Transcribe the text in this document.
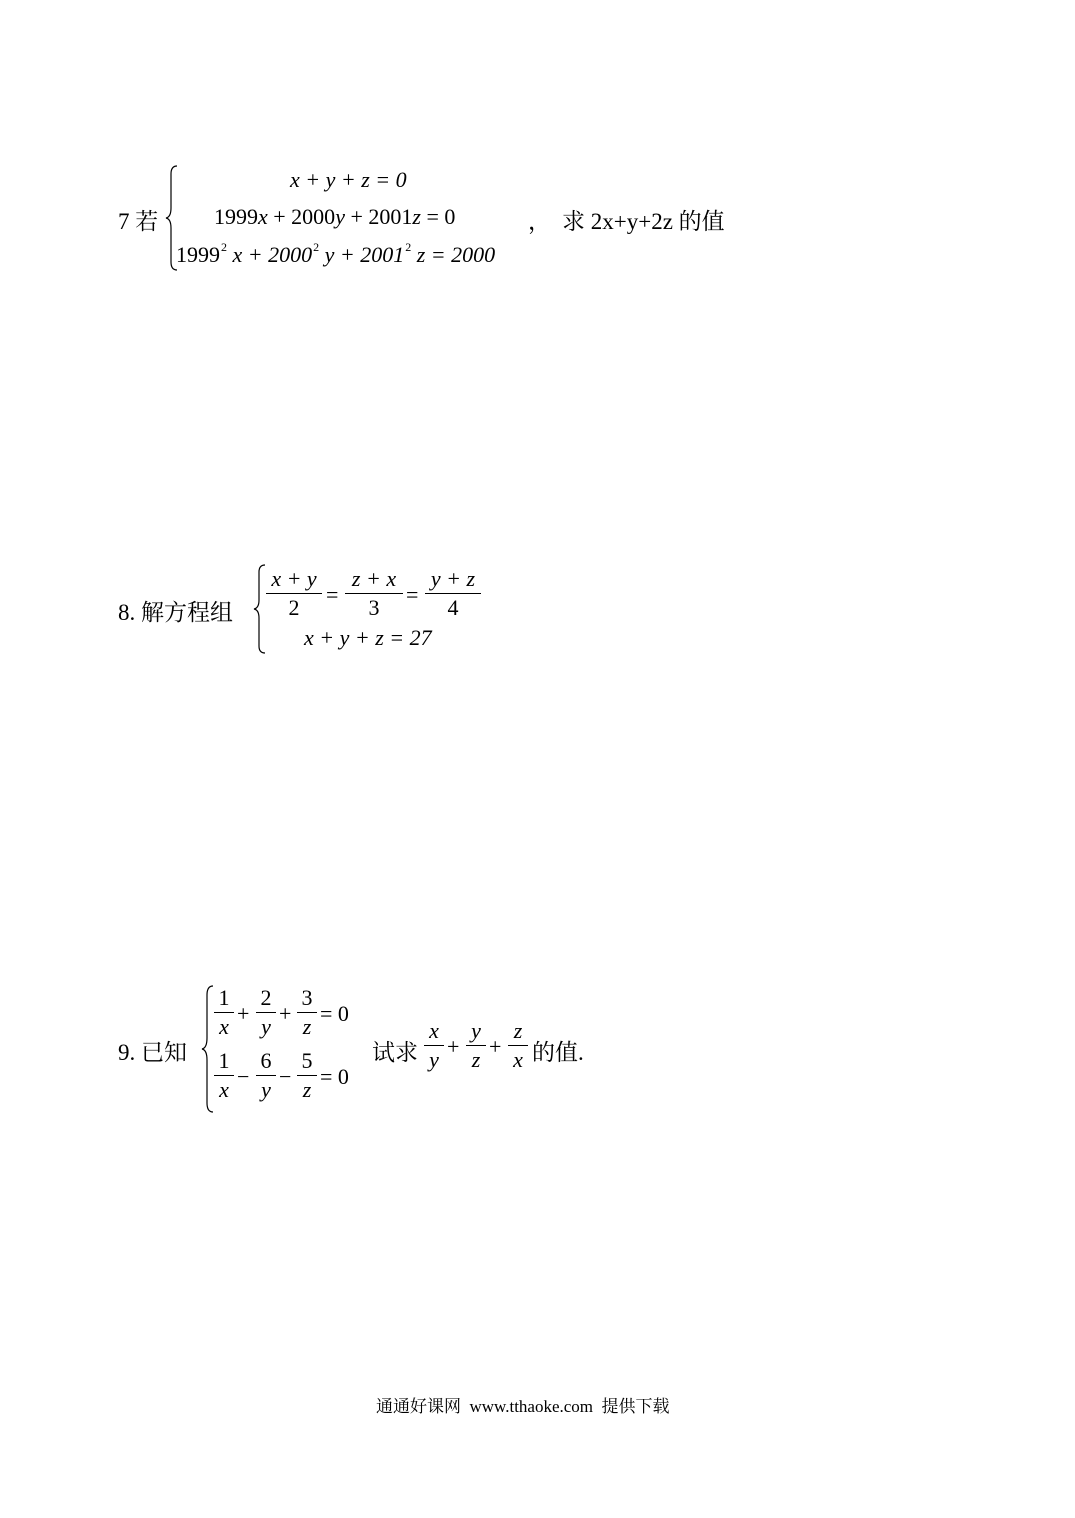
7 若
x + y + z = 0
1999x + 2000y + 2001z = 0
1999$^2$ $x + 2000^2$ $y + 2001^2$ z = 2000
， 求 2x+y+2z 的值
8. 解方程组
x + y
2
=
z + x
3
=
y + z
4
x + y + z = 27
9. 已知
1
x
+
2
y
+
3
z
= 0
1
x
−
6
y
−
5
z
= 0
试求
x
y
+
y
z
+
z
x 的值.
通通好课网 www.tthaoke.com 提供下载
